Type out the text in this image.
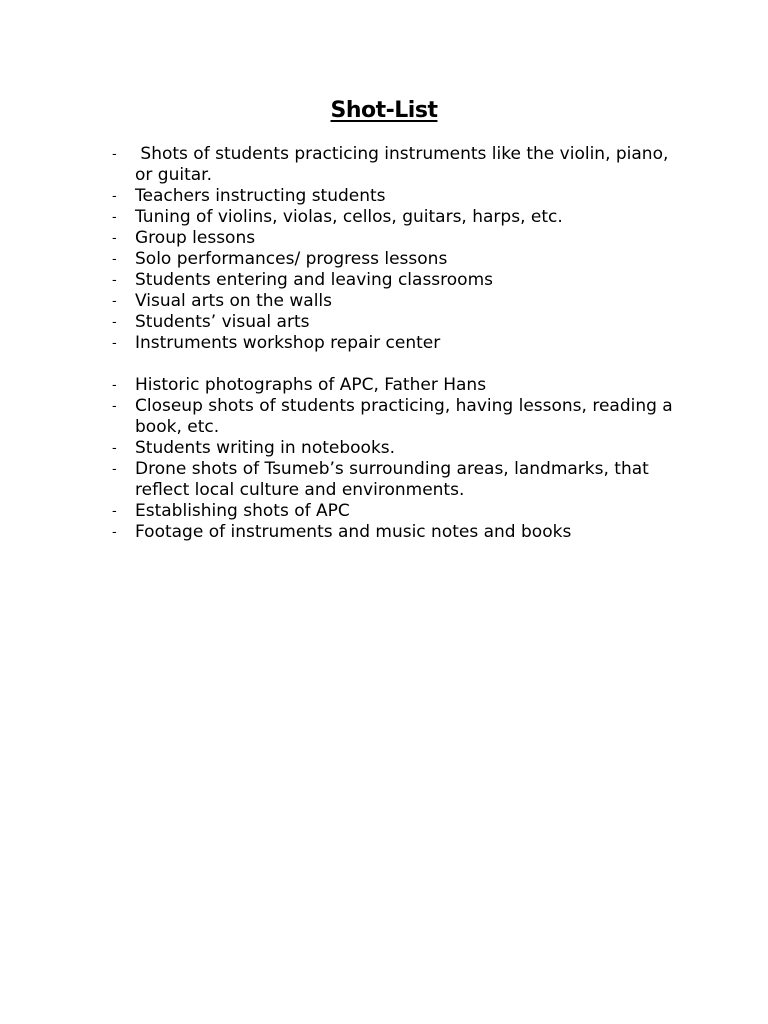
Shot-List
- Shots of students practicing instruments like the violin, piano, or guitar.
- Teachers instructing students
- Tuning of violins, violas, cellos, guitars, harps, etc.
- Group lessons
- Solo performances/ progress lessons
- Students entering and leaving classrooms
- Visual arts on the walls
- Students’ visual arts
- Instruments workshop repair center
- Historic photographs of APC, Father Hans
- Closeup shots of students practicing, having lessons, reading a book, etc.
- Students writing in notebooks.
- Drone shots of Tsumeb’s surrounding areas, landmarks, that reflect local culture and environments.
- Establishing shots of APC
- Footage of instruments and music notes and books
